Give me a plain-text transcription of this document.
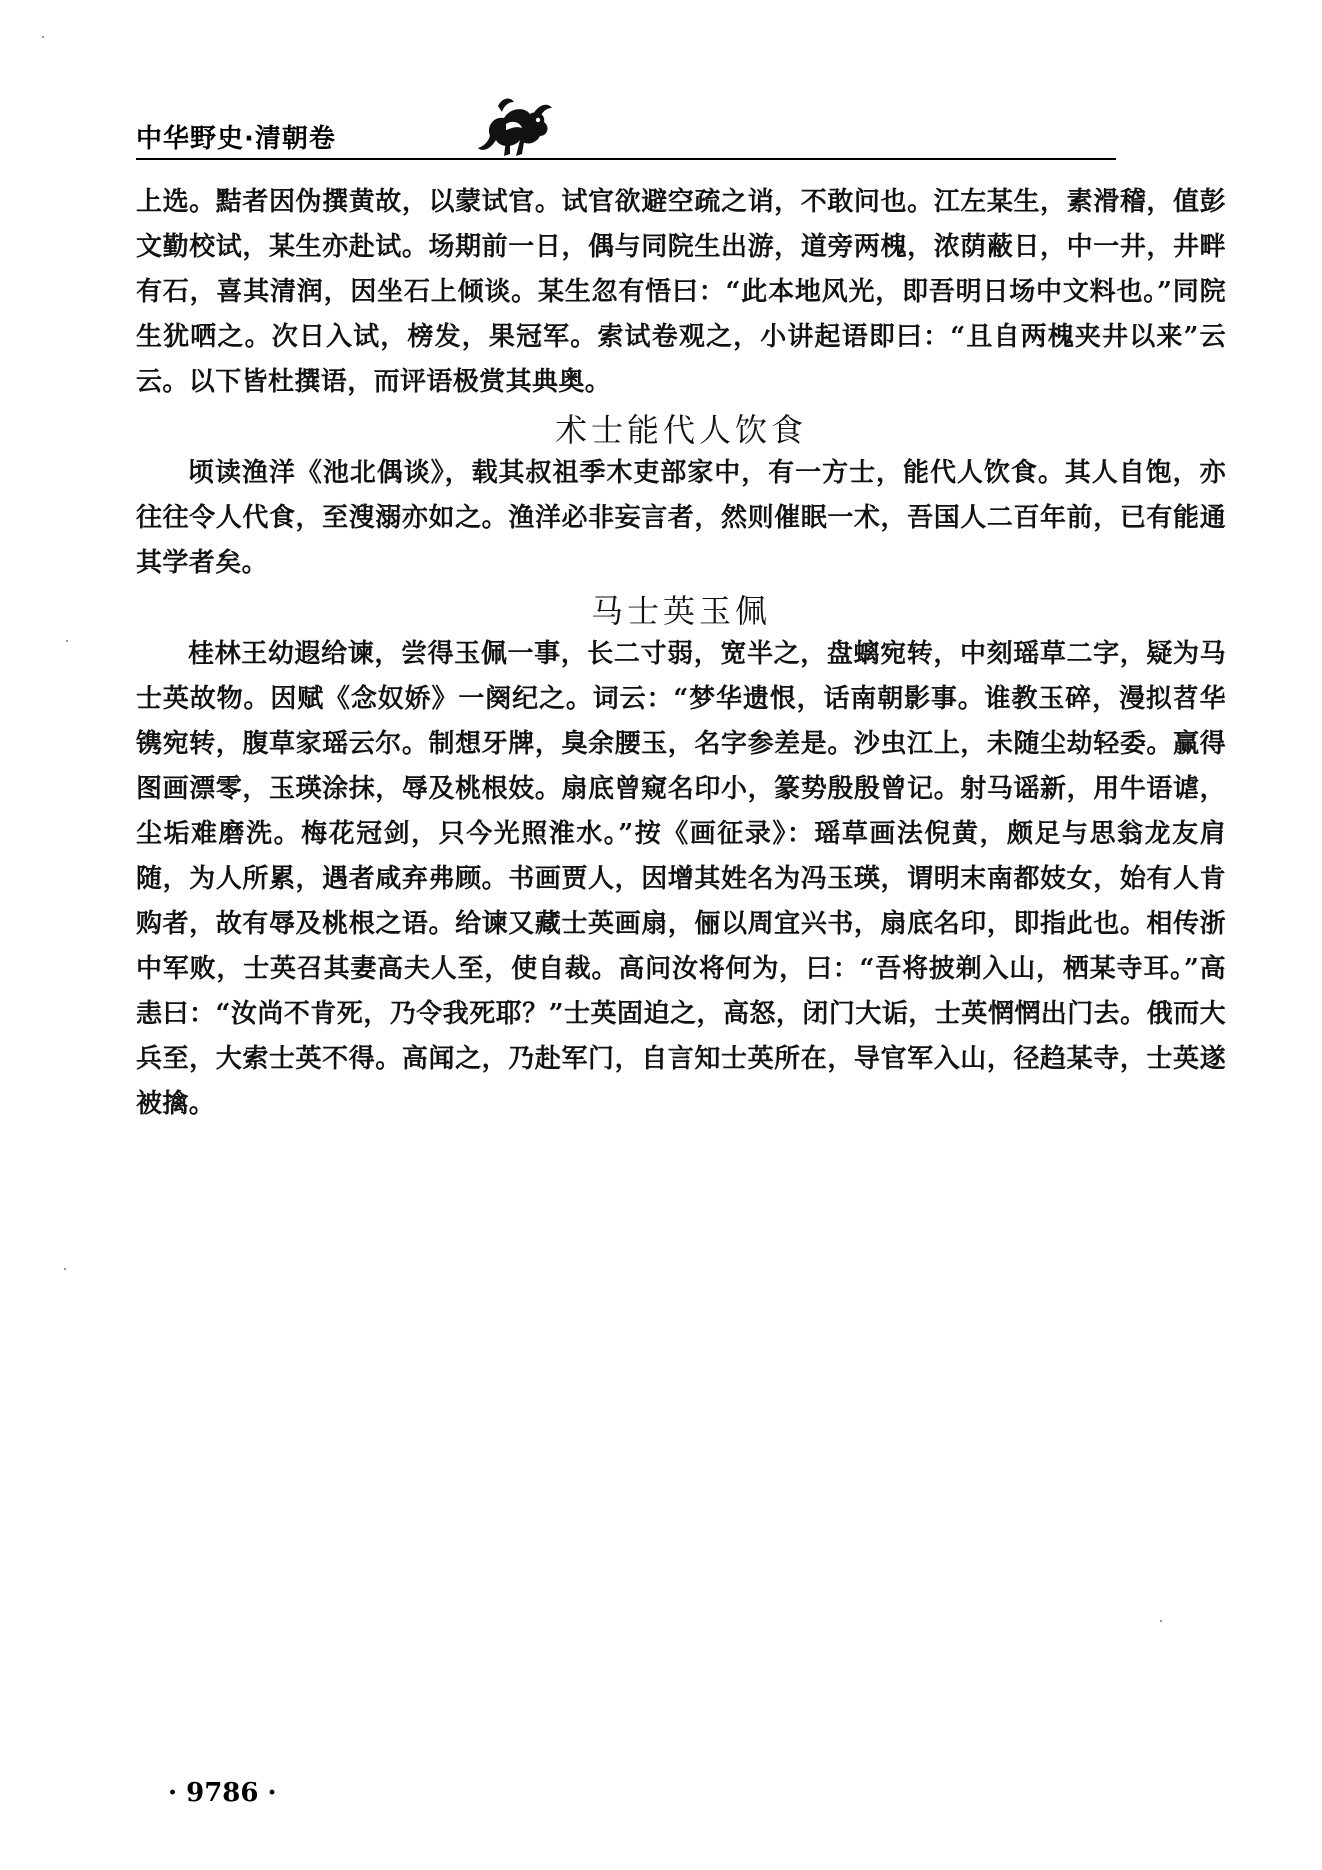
中华野史·清朝卷

上选。黠者因伪撰黄故，以蒙试官。试官欲避空疏之诮，不敢问也。江左某生，素滑稽，值彭文勤校试，某生亦赴试。场期前一日，偶与同院生出游，道旁两槐，浓荫蔽日，中一井，井畔有石，喜其清润，因坐石上倾谈。某生忽有悟曰：“此本地风光，即吾明日场中文料也。”同院生犹哂之。次日入试，榜发，果冠军。索试卷观之，小讲起语即曰：“且自两槐夹井以来”云云。以下皆杜撰语，而评语极赏其典奥。

术士能代人饮食

顷读渔洋《池北偶谈》，载其叔祖季木吏部家中，有一方士，能代人饮食。其人自饱，亦往往令人代食，至溲溺亦如之。渔洋必非妄言者，然则催眠一术，吾国人二百年前，已有能通其学者矣。

马士英玉佩

桂林王幼遐给谏，尝得玉佩一事，长二寸弱，宽半之，盘螭宛转，中刻瑶草二字，疑为马士英故物。因赋《念奴娇》一阕纪之。词云：“梦华遗恨，话南朝影事。谁教玉碎，漫拟苕华镌宛转，腹草家瑶云尔。制想牙牌，臭余腰玉，名字参差是。沙虫江上，未随尘劫轻委。赢得图画漂零，玉瑛涂抹，辱及桃根妓。扇底曾窥名印小，篆势殷殷曾记。射马谣新，用牛语谑，尘垢难磨洗。梅花冠剑，只今光照淮水。”按《画征录》：瑶草画法倪黄，颇足与思翁龙友肩随，为人所累，遇者咸弃弗顾。书画贾人，因增其姓名为冯玉瑛，谓明末南都妓女，始有人肯购者，故有辱及桃根之语。给谏又藏士英画扇，俪以周宜兴书，扇底名印，即指此也。相传浙中军败，士英召其妻高夫人至，使自裁。高问汝将何为，曰：“吾将披剃入山，栖某寺耳。”高恚曰：“汝尚不肯死，乃令我死耶？”士英固迫之，高怒，闭门大诟，士英惘惘出门去。俄而大兵至，大索士英不得。高闻之，乃赴军门，自言知士英所在，导官军入山，径趋某寺，士英遂被擒。

· 9786 ·
